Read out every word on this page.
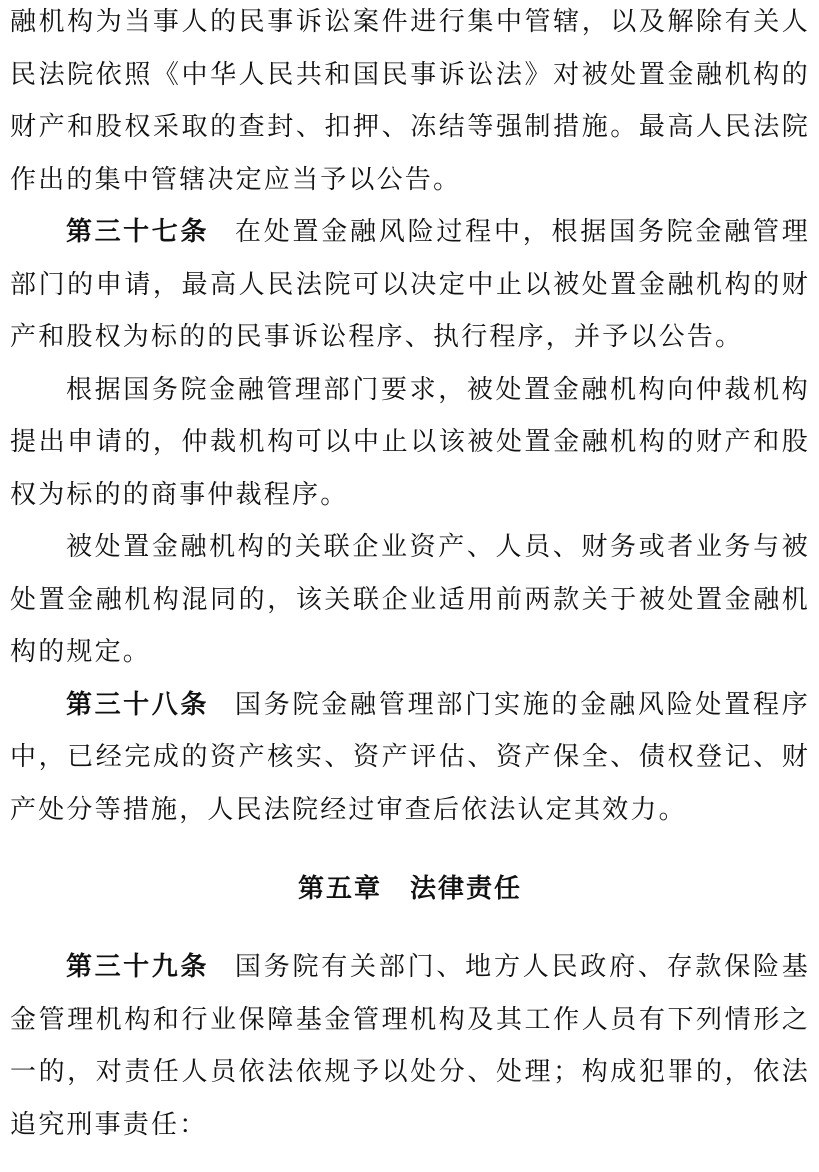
融机构为当事人的民事诉讼案件进行集中管辖，以及解除有关人民法院依照《中华人民共和国民事诉讼法》对被处置金融机构的财产和股权采取的查封、扣押、冻结等强制措施。最高人民法院作出的集中管辖决定应当予以公告。

第三十七条 在处置金融风险过程中，根据国务院金融管理部门的申请，最高人民法院可以决定中止以被处置金融机构的财产和股权为标的的民事诉讼程序、执行程序，并予以公告。

根据国务院金融管理部门要求，被处置金融机构向仲裁机构提出申请的，仲裁机构可以中止以该被处置金融机构的财产和股权为标的的商事仲裁程序。

被处置金融机构的关联企业资产、人员、财务或者业务与被处置金融机构混同的，该关联企业适用前两款关于被处置金融机构的规定。

第三十八条 国务院金融管理部门实施的金融风险处置程序中，已经完成的资产核实、资产评估、资产保全、债权登记、财产处分等措施，人民法院经过审查后依法认定其效力。

第五章　法律责任

第三十九条 国务院有关部门、地方人民政府、存款保险基金管理机构和行业保障基金管理机构及其工作人员有下列情形之一的，对责任人员依法依规予以处分、处理；构成犯罪的，依法追究刑事责任：
